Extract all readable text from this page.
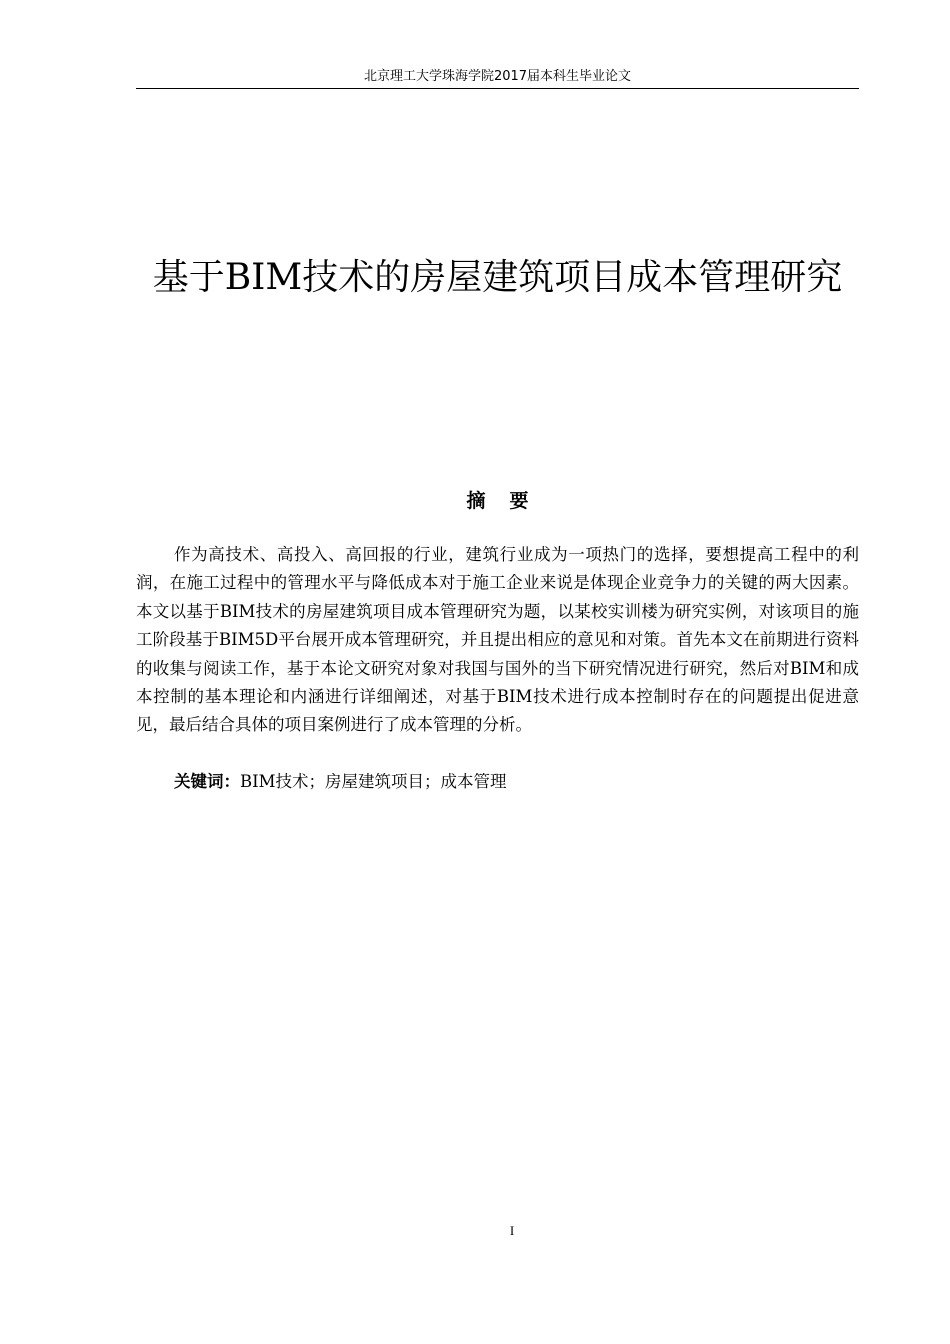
北京理工大学珠海学院2017届本科生毕业论文
基于BIM技术的房屋建筑项目成本管理研究
摘要

作为高技术、高投入、高回报的行业，建筑行业成为一项热门的选择，要想提高工程中的利润，在施工过程中的管理水平与降低成本对于施工企业来说是体现企业竞争力的关键的两大因素。本文以基于BIM技术的房屋建筑项目成本管理研究为题，以某校实训楼为研究实例，对该项目的施工阶段基于BIM5D平台展开成本管理研究，并且提出相应的意见和对策。首先本文在前期进行资料的收集与阅读工作，基于本论文研究对象对我国与国外的当下研究情况进行研究，然后对BIM和成本控制的基本理论和内涵进行详细阐述，对基于BIM技术进行成本控制时存在的问题提出促进意见，最后结合具体的项目案例进行了成本管理的分析。

关键词：BIM技术；房屋建筑项目；成本管理

I
